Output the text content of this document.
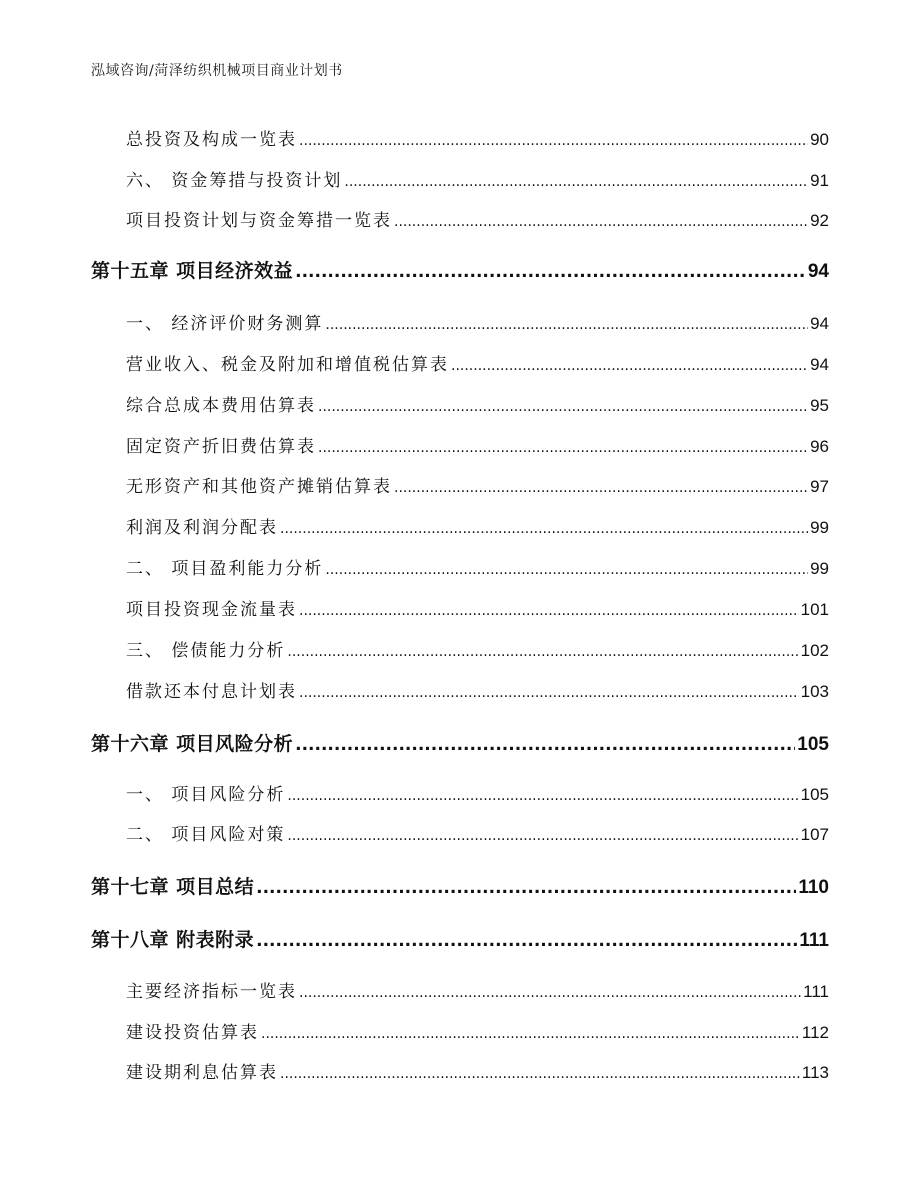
泓域咨询/菏泽纺织机械项目商业计划书
总投资及构成一览表 .....	90
六、 资金筹措与投资计划 .....	91
项目投资计划与资金筹措一览表 .....	92
第十五章 项目经济效益 .....	94
一、 经济评价财务测算 .....	94
营业收入、税金及附加和增值税估算表 .....	94
综合总成本费用估算表 .....	95
固定资产折旧费估算表 .....	96
无形资产和其他资产摊销估算表 .....	97
利润及利润分配表 .....	99
二、 项目盈利能力分析 .....	99
项目投资现金流量表 .....	101
三、 偿债能力分析 .....	102
借款还本付息计划表 .....	103
第十六章 项目风险分析 .....	105
一、 项目风险分析 .....	105
二、 项目风险对策 .....	107
第十七章 项目总结 .....	110
第十八章 附表附录 .....	111
主要经济指标一览表 .....	111
建设投资估算表 .....	112
建设期利息估算表 .....	113
